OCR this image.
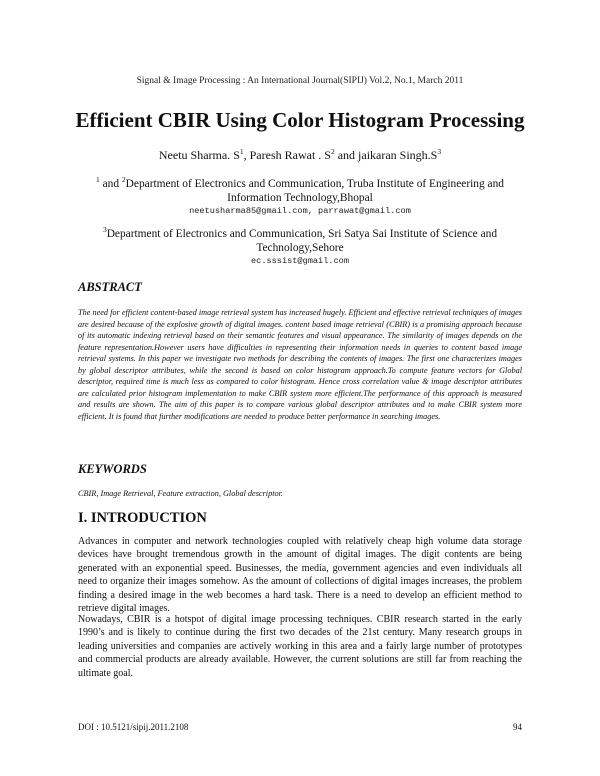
Signal & Image Processing : An International Journal(SIPIJ) Vol.2, No.1, March 2011
Efficient CBIR Using Color Histogram Processing
Neetu Sharma. $S^1$, Paresh Rawat . $S^2$ and jaikaran $Singh.S^3$
$^1$ and $^2$Department of Electronics and Communication, Truba Institute of Engineering and Information Technology,Bhopal
neetusharma85@gmail.com, parrawat@gmail.com
$^3$Department of Electronics and Communication, Sri Satya Sai Institute of Science and Technology,Sehore
ec.sssist@gmail.com
ABSTRACT

The need for efficient content-based image retrieval system has increased hugely. Efficient and effective retrieval techniques of images are desired because of the explosive growth of digital images. content based image retrieval (CBIR) is a promising approach because of its automatic indexing retrieval based on their semantic features and visual appearance. The similarity of images depends on the feature representation.However users have difficulties in representing their information needs in queries to content based image retrieval systems. In this paper we investigate two methods for describing the contents of images. The first one characterizes images by global descriptor attributes, while the second is based on color histogram approach.To compute feature vectors for Global descriptor, required time is much less as compared to color histogram. Hence cross correlation value & image descriptor attributes are calculated prior histogram implementation to make CBIR system more efficient.The performance of this approach is measured and results are shown. The aim of this paper is to compare various global descriptor attributes and to make CBIR system more efficient. It is found that further modifications are needed to produce better performance in searching images.

KEYWORDS

CBIR, Image Retrieval, Feature extraction, Global descriptor.

I. INTRODUCTION

Advances in computer and network technologies coupled with relatively cheap high volume data storage devices have brought tremendous growth in the amount of digital images. The digit contents are being generated with an exponential speed. Businesses, the media, government agencies and even individuals all need to organize their images somehow. As the amount of collections of digital images increases, the problem finding a desired image in the web becomes a hard task. There is a need to develop an efficient method to retrieve digital images.

Nowadays, CBIR is a hotspot of digital image processing techniques. CBIR research started in the early 1990’s and is likely to continue during the first two decades of the 21st century. Many research groups in leading universities and companies are actively working in this area and a fairly large number of prototypes and commercial products are already available. However, the current solutions are still far from reaching the ultimate goal.

DOI : 10.5121/sipij.2011.2108	94
